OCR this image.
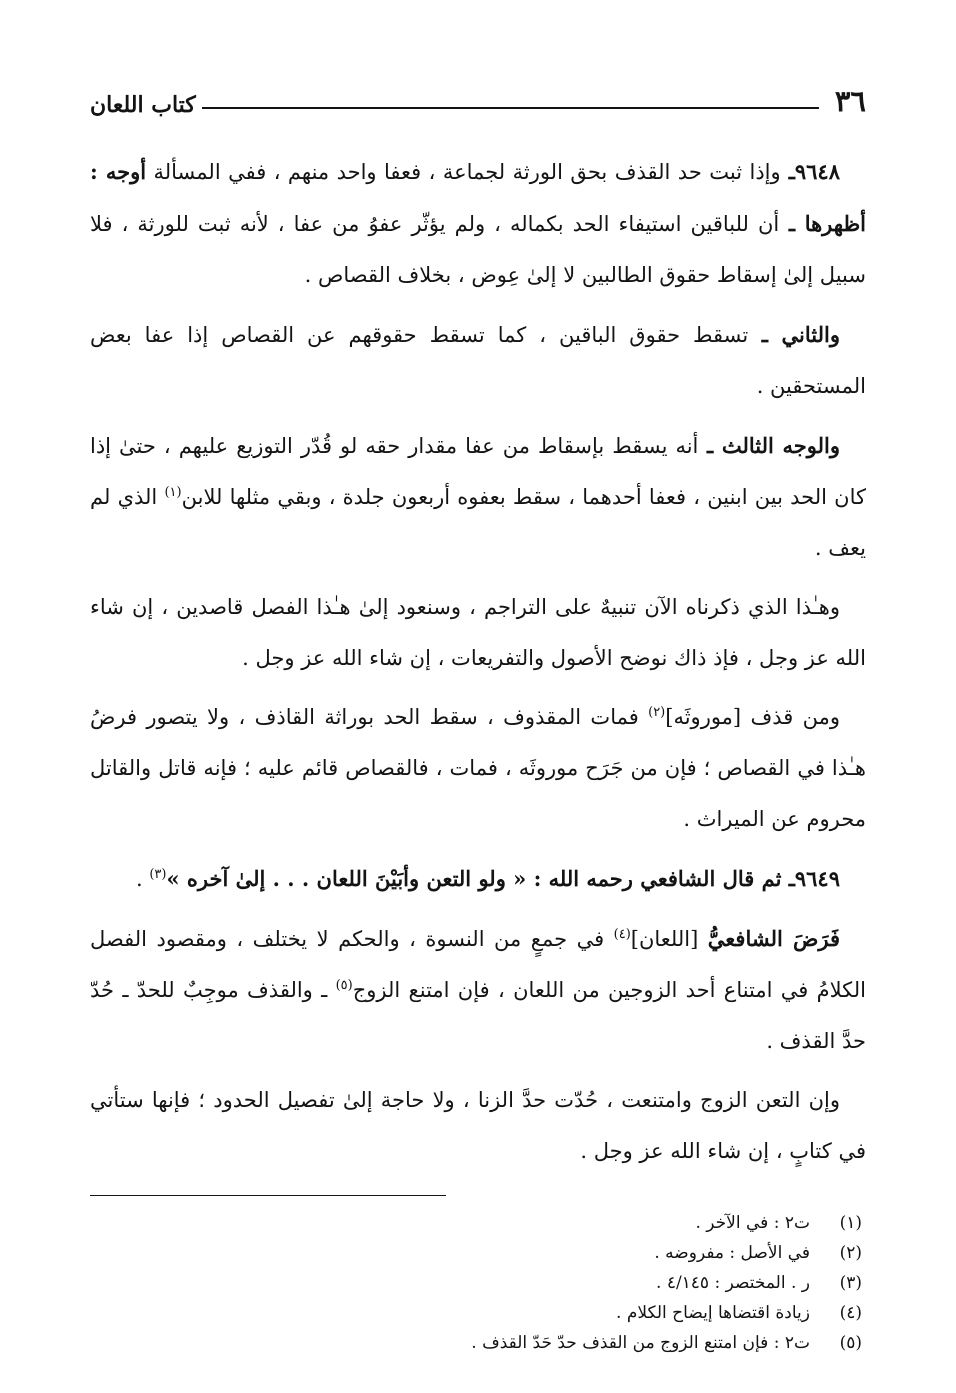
٣٦
كتاب اللعان

٩٦٤٨ـ وإذا ثبت حد القذف بحق الورثة لجماعة ، فعفا واحد منهم ، ففي المسألة أوجه : أظهرها ـ أن للباقين استيفاء الحد بكماله ، ولم يؤثّر عفوُ من عفا ، لأنه ثبت للورثة ، فلا سبيل إلىٰ إسقاط حقوق الطالبين لا إلىٰ عِوض ، بخلاف القصاص .

والثاني ـ تسقط حقوق الباقين ، كما تسقط حقوقهم عن القصاص إذا عفا بعض المستحقين .

والوجه الثالث ـ أنه يسقط بإسقاط من عفا مقدار حقه لو قُدّر التوزيع عليهم ، حتىٰ إذا كان الحد بين ابنين ، فعفا أحدهما ، سقط بعفوه أربعون جلدة ، وبقي مثلها للابن$^{(١)}$ الذي لم يعف .

وهـٰذا الذي ذكرناه الآن تنبيهٌ على التراجم ، وسنعود إلىٰ هـٰذا الفصل قاصدين ، إن شاء الله عز وجل ، فإذ ذاك نوضح الأصول والتفريعات ، إن شاء الله عز وجل .

ومن قذف [موروثَه]$^{(٢)}$ فمات المقذوف ، سقط الحد بوراثة القاذف ، ولا يتصور فرضُ هـٰذا في القصاص ؛ فإن من جَرَح موروثَه ، فمات ، فالقصاص قائم عليه ؛ فإنه قاتل والقاتل محروم عن الميراث .

٩٦٤٩ـ ثم قال الشافعي رحمه الله : « ولو التعن وأبَيْنَ اللعان . . . إلىٰ آخره »$^{(٣)}$ .

فَرَضَ الشافعيُّ [اللعان]$^{(٤)}$ في جمعٍ من النسوة ، والحكم لا يختلف ، ومقصود الفصل الكلامُ في امتناع أحد الزوجين من اللعان ، فإن امتنع الزوج$^{(٥)}$ ـ والقذف موجِبٌ للحدّ ـ حُدّ حدَّ القذف .

وإن التعن الزوج وامتنعت ، حُدّت حدَّ الزنا ، ولا حاجة إلىٰ تفصيل الحدود ؛ فإنها ستأتي في كتابٍ ، إن شاء الله عز وجل .

(١)
ت٢ : في الآخر .
(٢)
في الأصل : مفروضه .
(٣)
ر . المختصر : ٤/١٤٥ .
(٤)
زيادة اقتضاها إيضاح الكلام .
(٥)
ت٢ : فإن امتنع الزوج من القذف حدّ حَدّ القذف .
